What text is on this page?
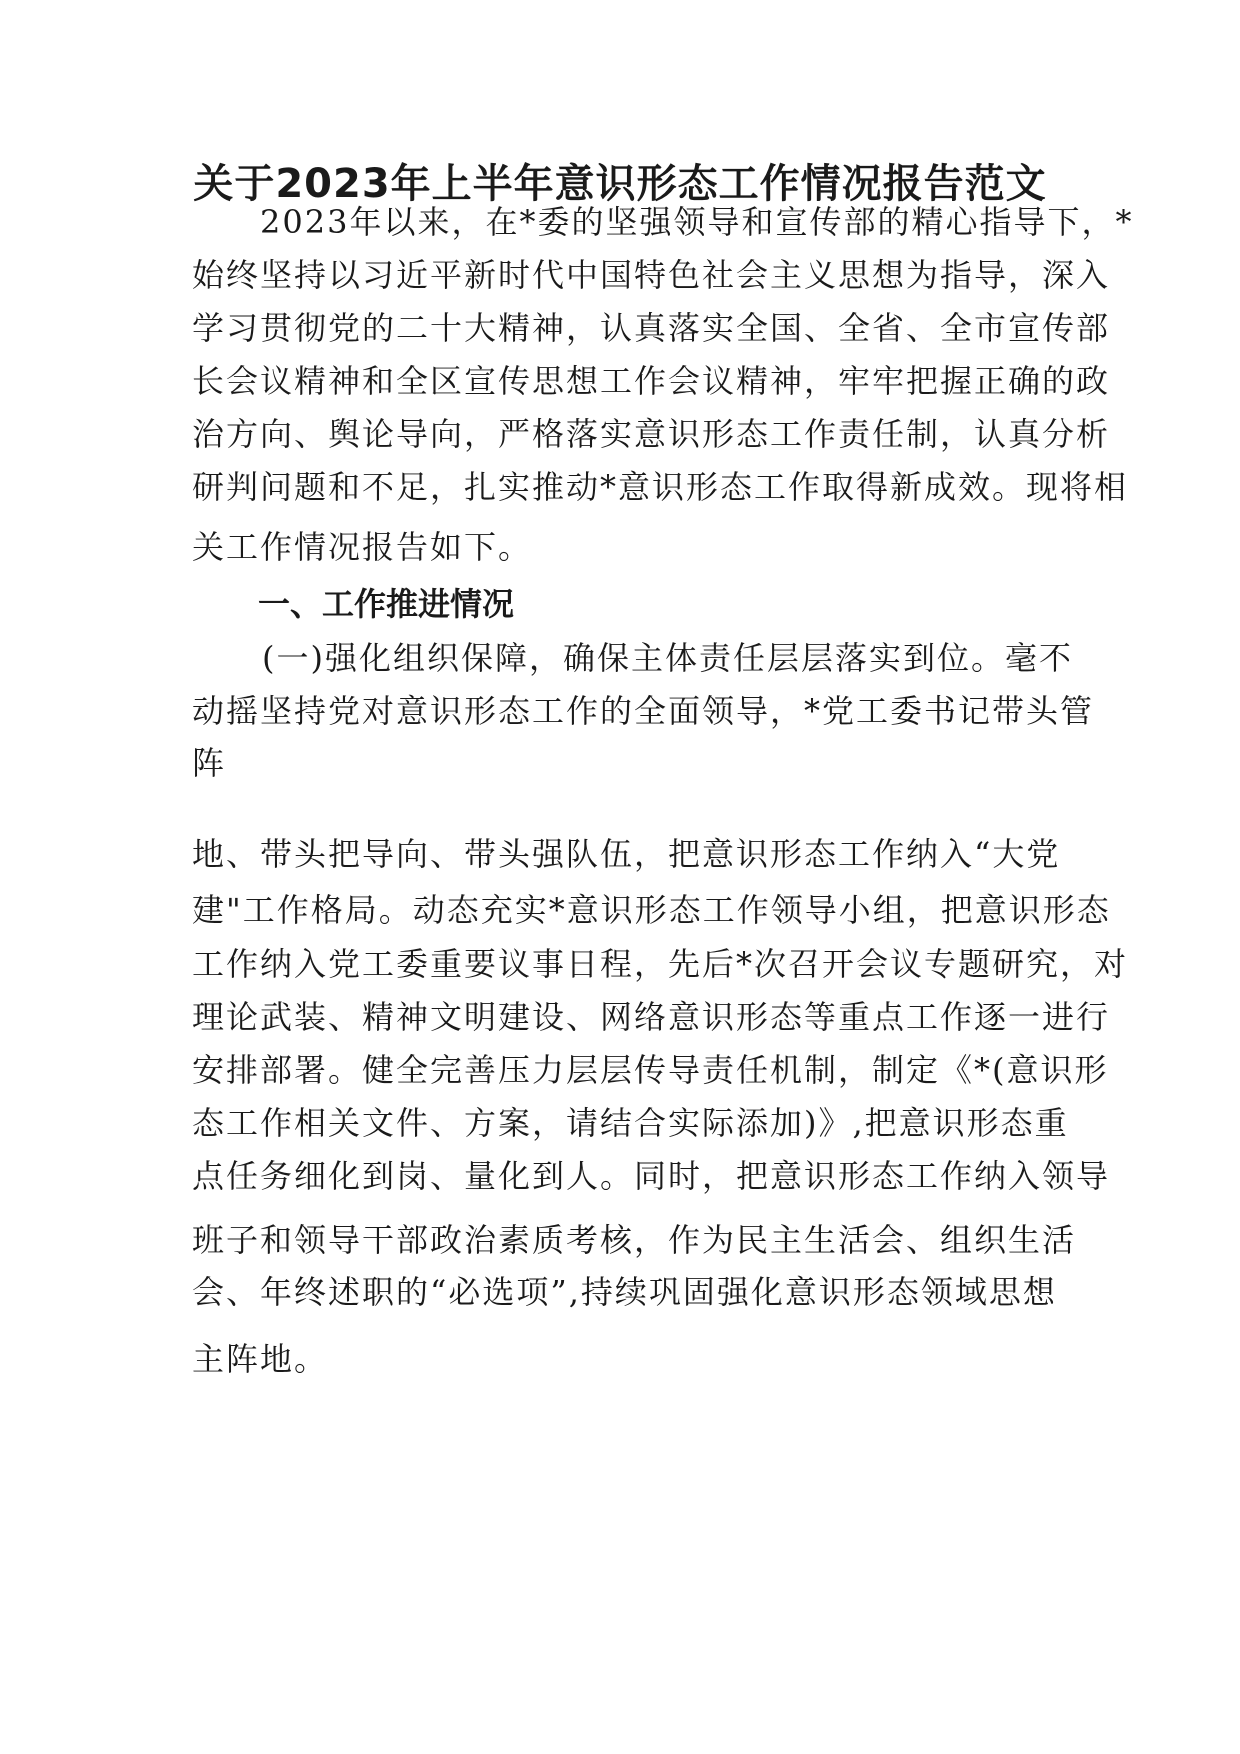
关于2023年上半年意识形态工作情况报告范文

2023年以来，在*委的坚强领导和宣传部的精心指导下，*

始终坚持以习近平新时代中国特色社会主义思想为指导，深入

学习贯彻党的二十大精神，认真落实全国、全省、全市宣传部

长会议精神和全区宣传思想工作会议精神，牢牢把握正确的政

治方向、舆论导向，严格落实意识形态工作责任制，认真分析

研判问题和不足，扎实推动*意识形态工作取得新成效。现将相

关工作情况报告如下。

一、工作推进情况

(一)强化组织保障，确保主体责任层层落实到位。毫不

动摇坚持党对意识形态工作的全面领导，*党工委书记带头管

阵

地、带头把导向、带头强队伍，把意识形态工作纳入“大党

建"工作格局。动态充实*意识形态工作领导小组，把意识形态

工作纳入党工委重要议事日程，先后*次召开会议专题研究，对

理论武装、精神文明建设、网络意识形态等重点工作逐一进行

安排部署。健全完善压力层层传导责任机制，制定《*(意识形

态工作相关文件、方案，请结合实际添加)》,把意识形态重

点任务细化到岗、量化到人。同时，把意识形态工作纳入领导

班子和领导干部政治素质考核，作为民主生活会、组织生活

会、年终述职的“必选项”,持续巩固强化意识形态领域思想

主阵地。
